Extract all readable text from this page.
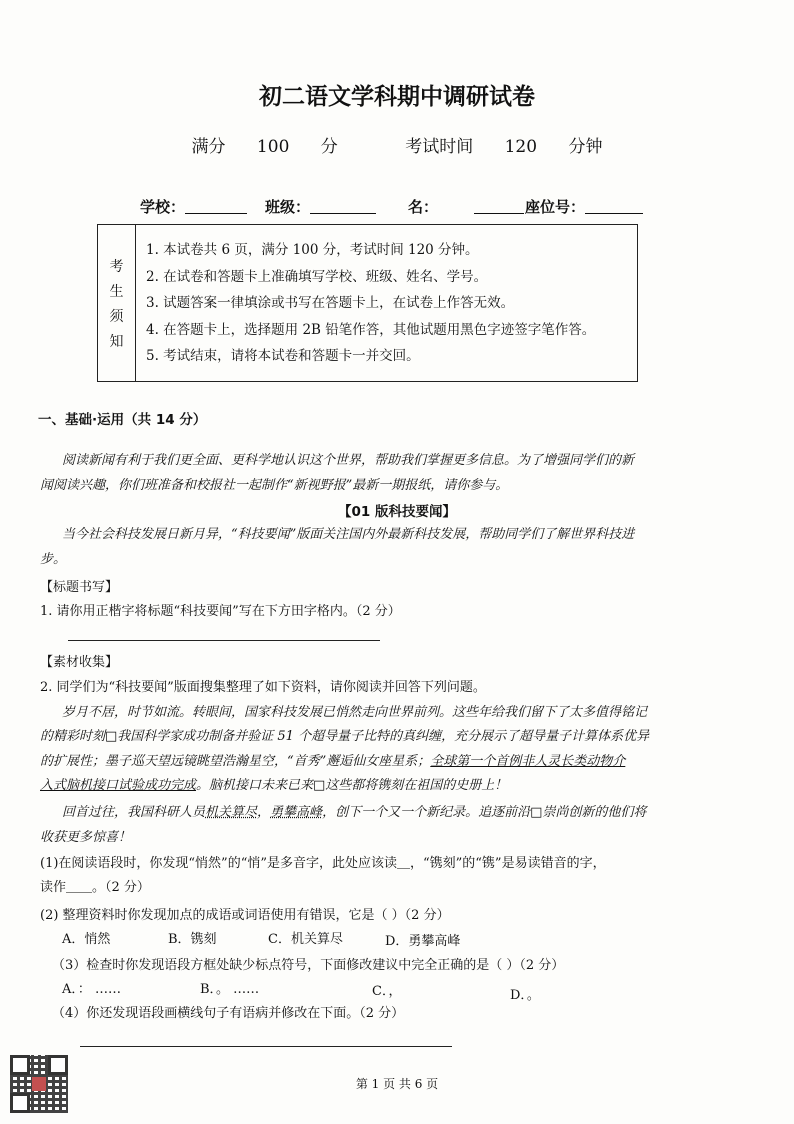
初二语文学科期中调研试卷
满分 100 分	考试时间 120 分钟
学校：	班级：	名：	座位号：
考
生
须
知
1. 本试卷共 6 页，满分 100 分，考试时间 120 分钟。
2. 在试卷和答题卡上准确填写学校、班级、姓名、学号。
3. 试题答案一律填涂或书写在答题卡上，在试卷上作答无效。
4. 在答题卡上，选择题用 2B 铅笔作答，其他试题用黑色字迹签字笔作答。
5. 考试结束，请将本试卷和答题卡一并交回。
一、基础·运用（共 14 分）
阅读新闻有利于我们更全面、更科学地认识这个世界，帮助我们掌握更多信息。为了增强同学们的新
闻阅读兴趣，你们班准备和校报社一起制作“新视野报”最新一期报纸，请你参与。
【01 版科技要闻】
当今社会科技发展日新月异，“科技要闻”版面关注国内外最新科技发展，帮助同学们了解世界科技进
步。
【标题书写】
1. 请你用正楷字将标题“科技要闻”写在下方田字格内。（2 分）
【素材收集】
2. 同学们为“科技要闻”版面搜集整理了如下资料，请你阅读并回答下列问题。
岁月不居，时节如流。转眼间，国家科技发展已悄然走向世界前列。这些年给我们留下了太多值得铭记
的精彩时刻□我国科学家成功制备并验证 51 个超导量子比特的真纠缠，充分展示了超导量子计算体系优异
的扩展性；墨子巡天望远镜眺望浩瀚星空，“首秀”邂逅仙女座星系；全球第一个首例非人灵长类动物介
入式脑机接口试验成功完成。脑机接口未来已来□这些都将镌刻在祖国的史册上！
回首过往，我国科研人员机关算尽，勇攀高峰，创下一个又一个新纪录。追逐前沿□崇尚创新的他们将
收获更多惊喜！
(1)在阅读语段时，你发现“悄然”的“悄”是多音字，此处应该读＿，“镌刻”的“镌”是易读错音的字，
读作＿＿。（2 分）
(2) 整理资料时你发现加点的成语或词语使用有错误，它是（ ）（2 分）
A．悄然	B．镌刻	C．机关算尽	D．勇攀高峰
（3）检查时你发现语段方框处缺少标点符号，下面修改建议中完全正确的是（ ）（2 分）
A．： ……	B．。 ……	C．，	D．。
（4）你还发现语段画横线句子有语病并修改在下面。（2 分）
第 1 页 共 6 页
